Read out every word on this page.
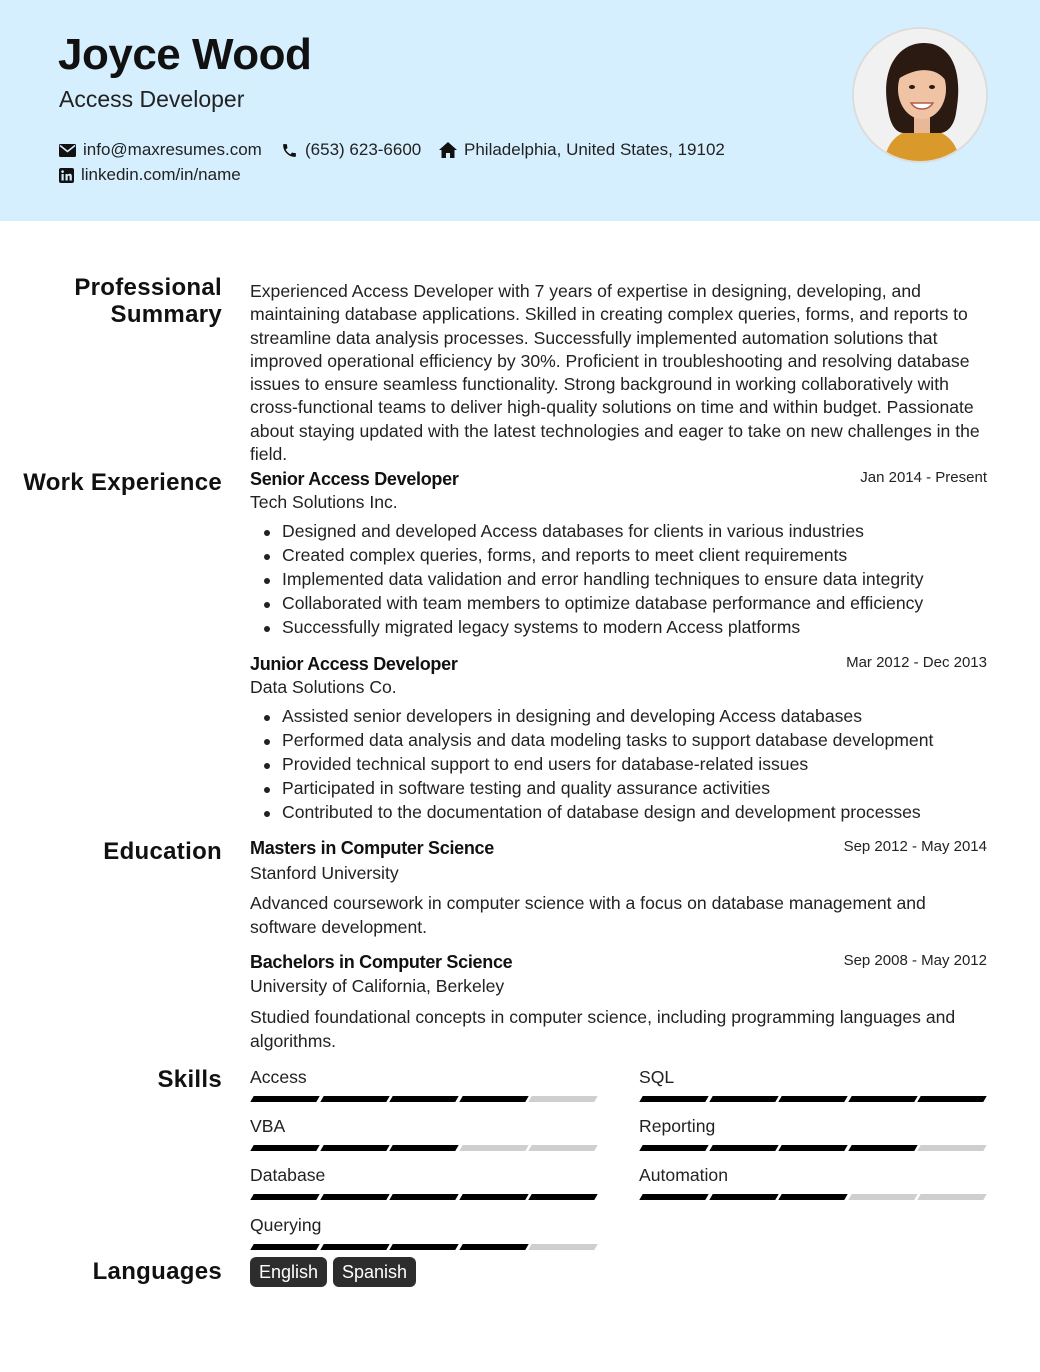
Joyce Wood
Access Developer
info@maxresumes.com	(653) 623-6600	Philadelphia, United States, 19102
linkedin.com/in/name
Professional Summary
Experienced Access Developer with 7 years of expertise in designing, developing, and maintaining database applications. Skilled in creating complex queries, forms, and reports to streamline data analysis processes. Successfully implemented automation solutions that improved operational efficiency by 30%. Proficient in troubleshooting and resolving database issues to ensure seamless functionality. Strong background in working collaboratively with cross-functional teams to deliver high-quality solutions on time and within budget. Passionate about staying updated with the latest technologies and eager to take on new challenges in the field.
Work Experience Senior Access Developer	Jan 2014 - Present
Tech Solutions Inc.
Designed and developed Access databases for clients in various industries
Created complex queries, forms, and reports to meet client requirements
Implemented data validation and error handling techniques to ensure data integrity
Collaborated with team members to optimize database performance and efficiency
Successfully migrated legacy systems to modern Access platforms
Junior Access Developer	Mar 2012 - Dec 2013
Data Solutions Co.
Assisted senior developers in designing and developing Access databases
Performed data analysis and data modeling tasks to support database development
Provided technical support to end users for database-related issues
Participated in software testing and quality assurance activities
Contributed to the documentation of database design and development processes
Education Masters in Computer Science	Sep 2012 - May 2014
Stanford University
Advanced coursework in computer science with a focus on database management and software development.
Bachelors in Computer Science	Sep 2008 - May 2012
University of California, Berkeley
Studied foundational concepts in computer science, including programming languages and algorithms.
Skills Access	SQL
VBA	Reporting
Database	Automation
Querying
Languages	English	Spanish
